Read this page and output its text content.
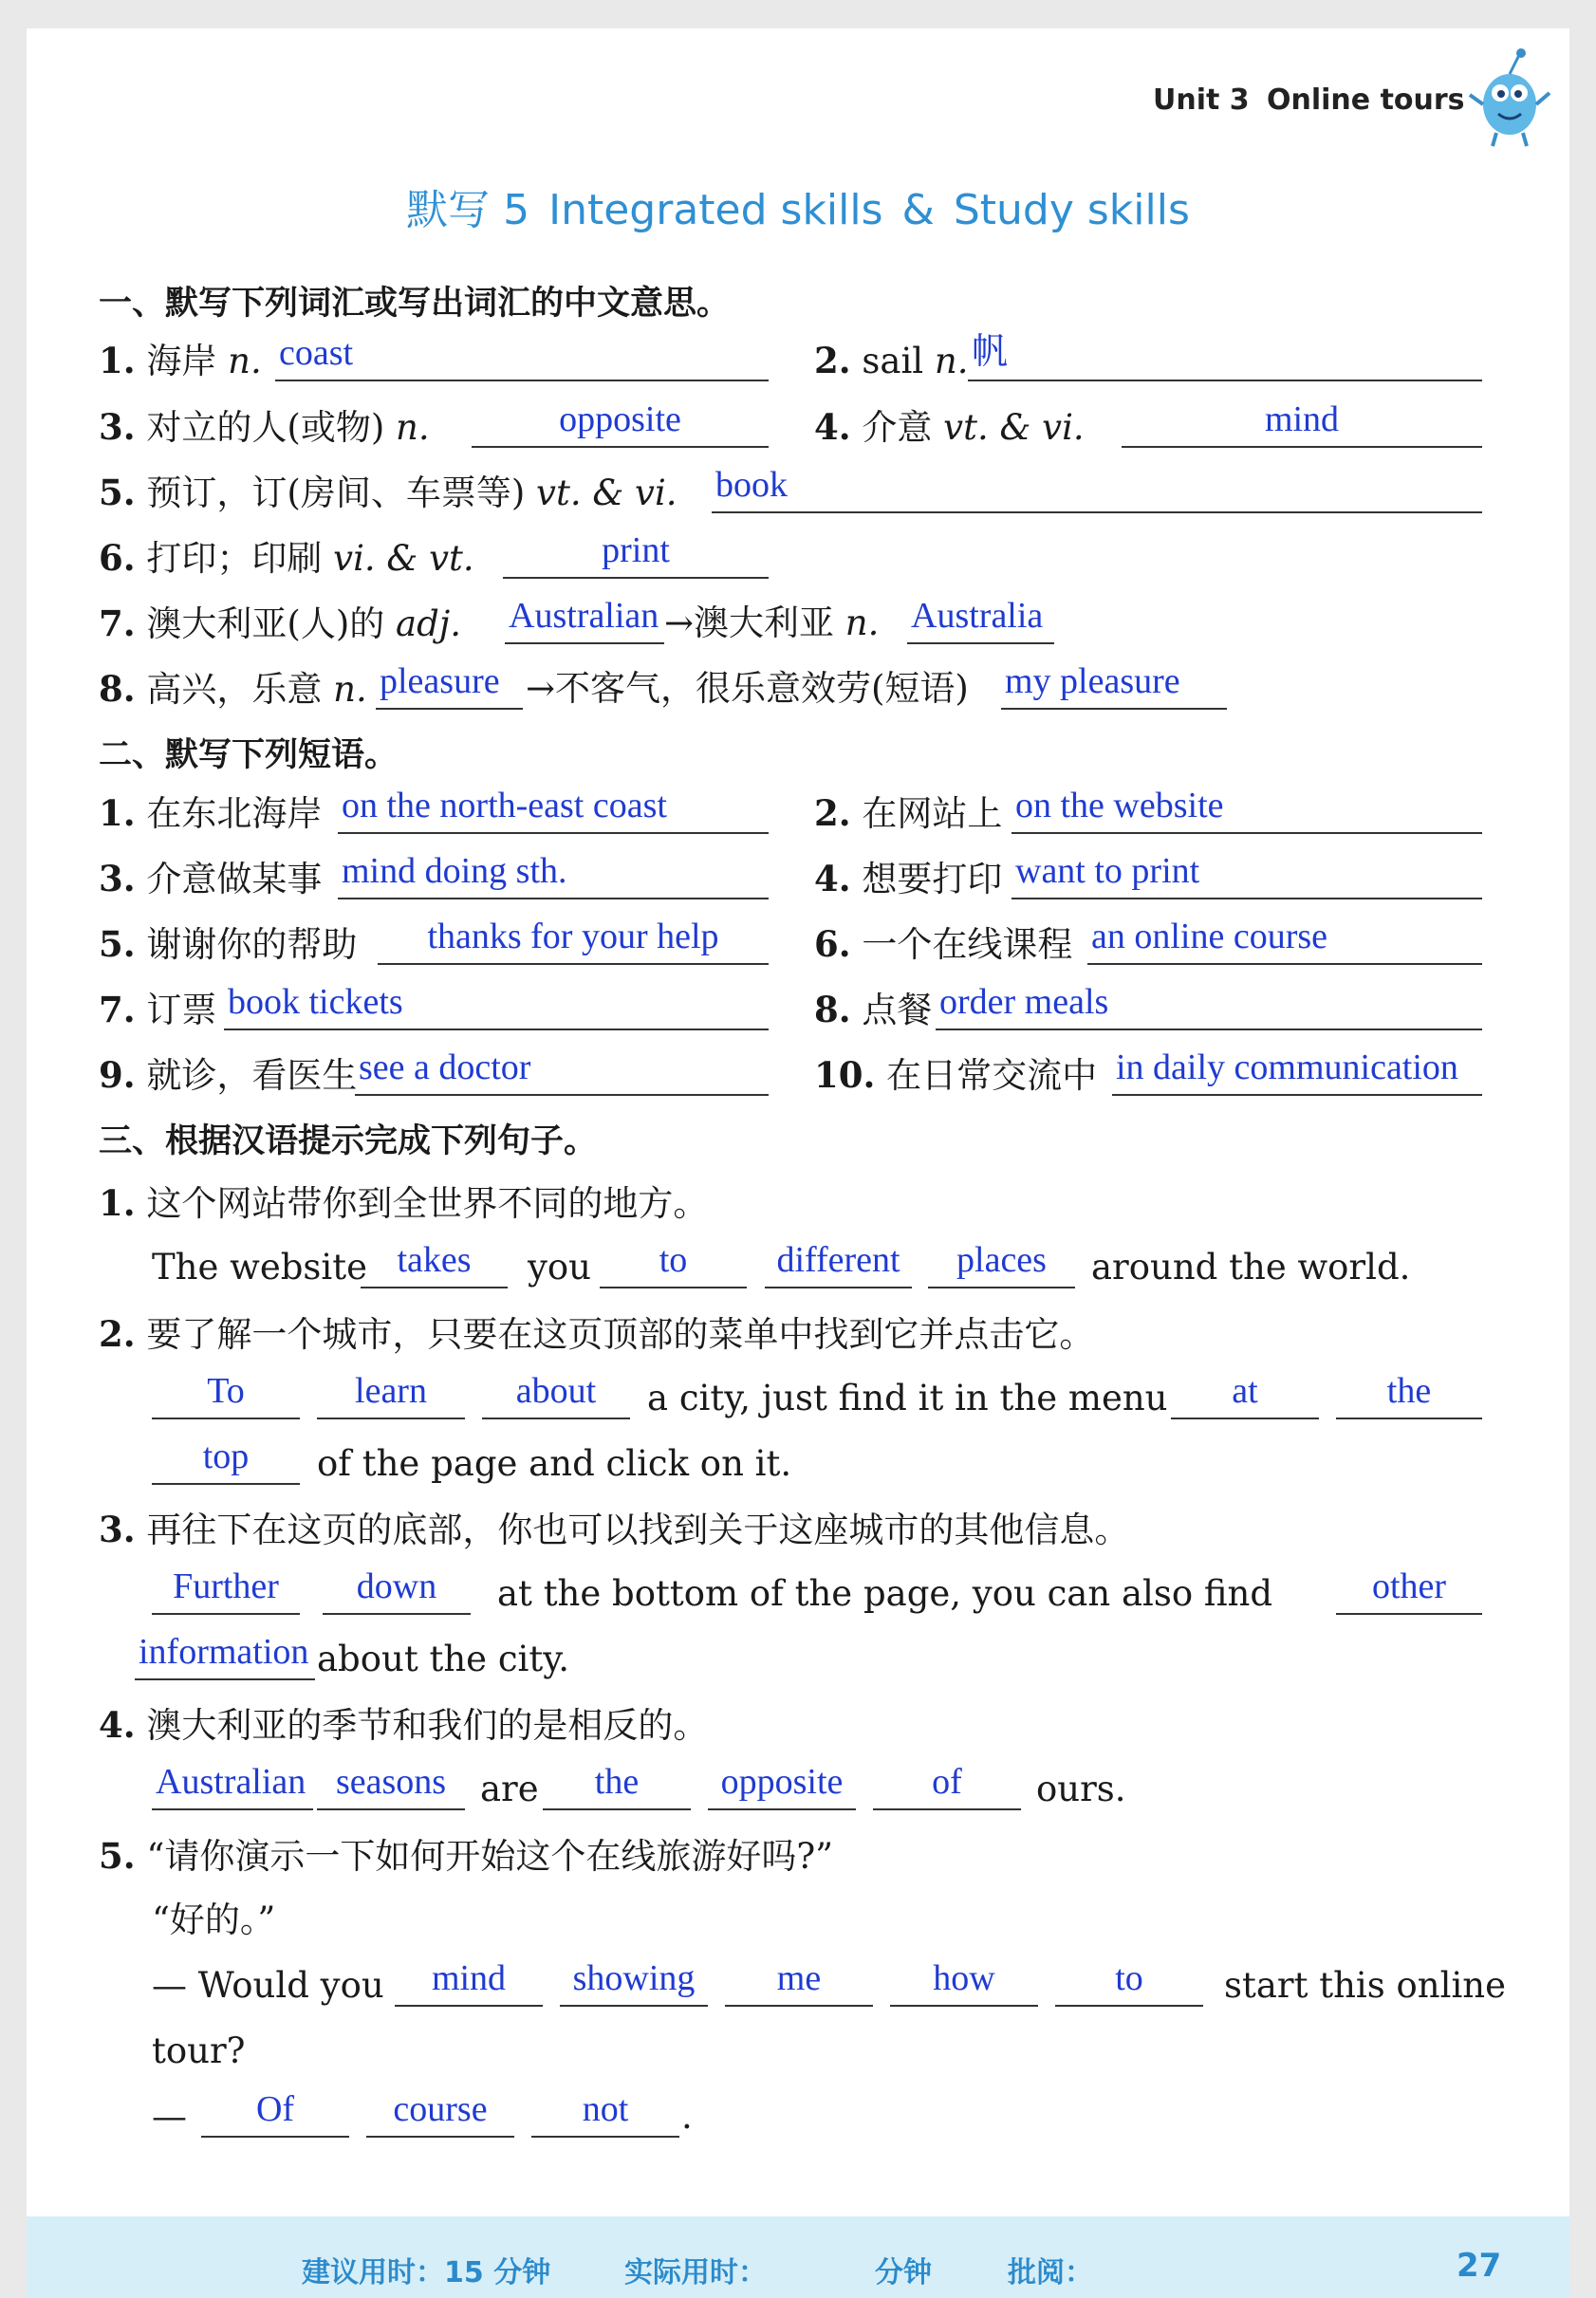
Unit 3 Online tours
默写 5 Integrated skills & Study skills
一、默写下列词汇或写出词汇的中文意思。
1. 海岸 n. coast	2. sail n. 帆
3. 对立的人(或物) n.	opposite	4. 介意 vt. & vi.	mind
5. 预订，订(房间、车票等) vt. & vi. book
6. 打印；印刷 vi. & vt.	print
7. 澳大利亚(人)的 adj. Australian →澳大利亚 n. Australia
8. 高兴，乐意 n. pleasure →不客气，很乐意效劳(短语) my pleasure
二、默写下列短语。
1. 在东北海岸 on the north-east coast	2. 在网站上 on the website
3. 介意做某事 mind doing sth.	4. 想要打印 want to print
5. 谢谢你的帮助	thanks for your help	6. 一个在线课程 an online course
7. 订票 book tickets	8. 点餐 order meals
9. 就诊，看医生 see a doctor	10. 在日常交流中 in daily communication
三、根据汉语提示完成下列句子。
1. 这个网站带你到全世界不同的地方。
The website takes	you	to	different	places	around the world.
2. 要了解一个城市，只要在这页顶部的菜单中找到它并点击它。
To	learn	about	a city, just find it in the menu	at	the
top	of the page and click on it.
3. 再往下在这页的底部，你也可以找到关于这座城市的其他信息。
Further	down	at the bottom of the page, you can also find	other
information about the city.
4. 澳大利亚的季节和我们的是相反的。
Australian seasons are	the	opposite	of	ours.
5. “请你演示一下如何开始这个在线旅游好吗?”
“好的。”
— Would you	mind	showing	me	how	to	start this online
tour?
—	Of	course	not	.
建议用时：15 分钟	实际用时：	分钟	批阅：	27
